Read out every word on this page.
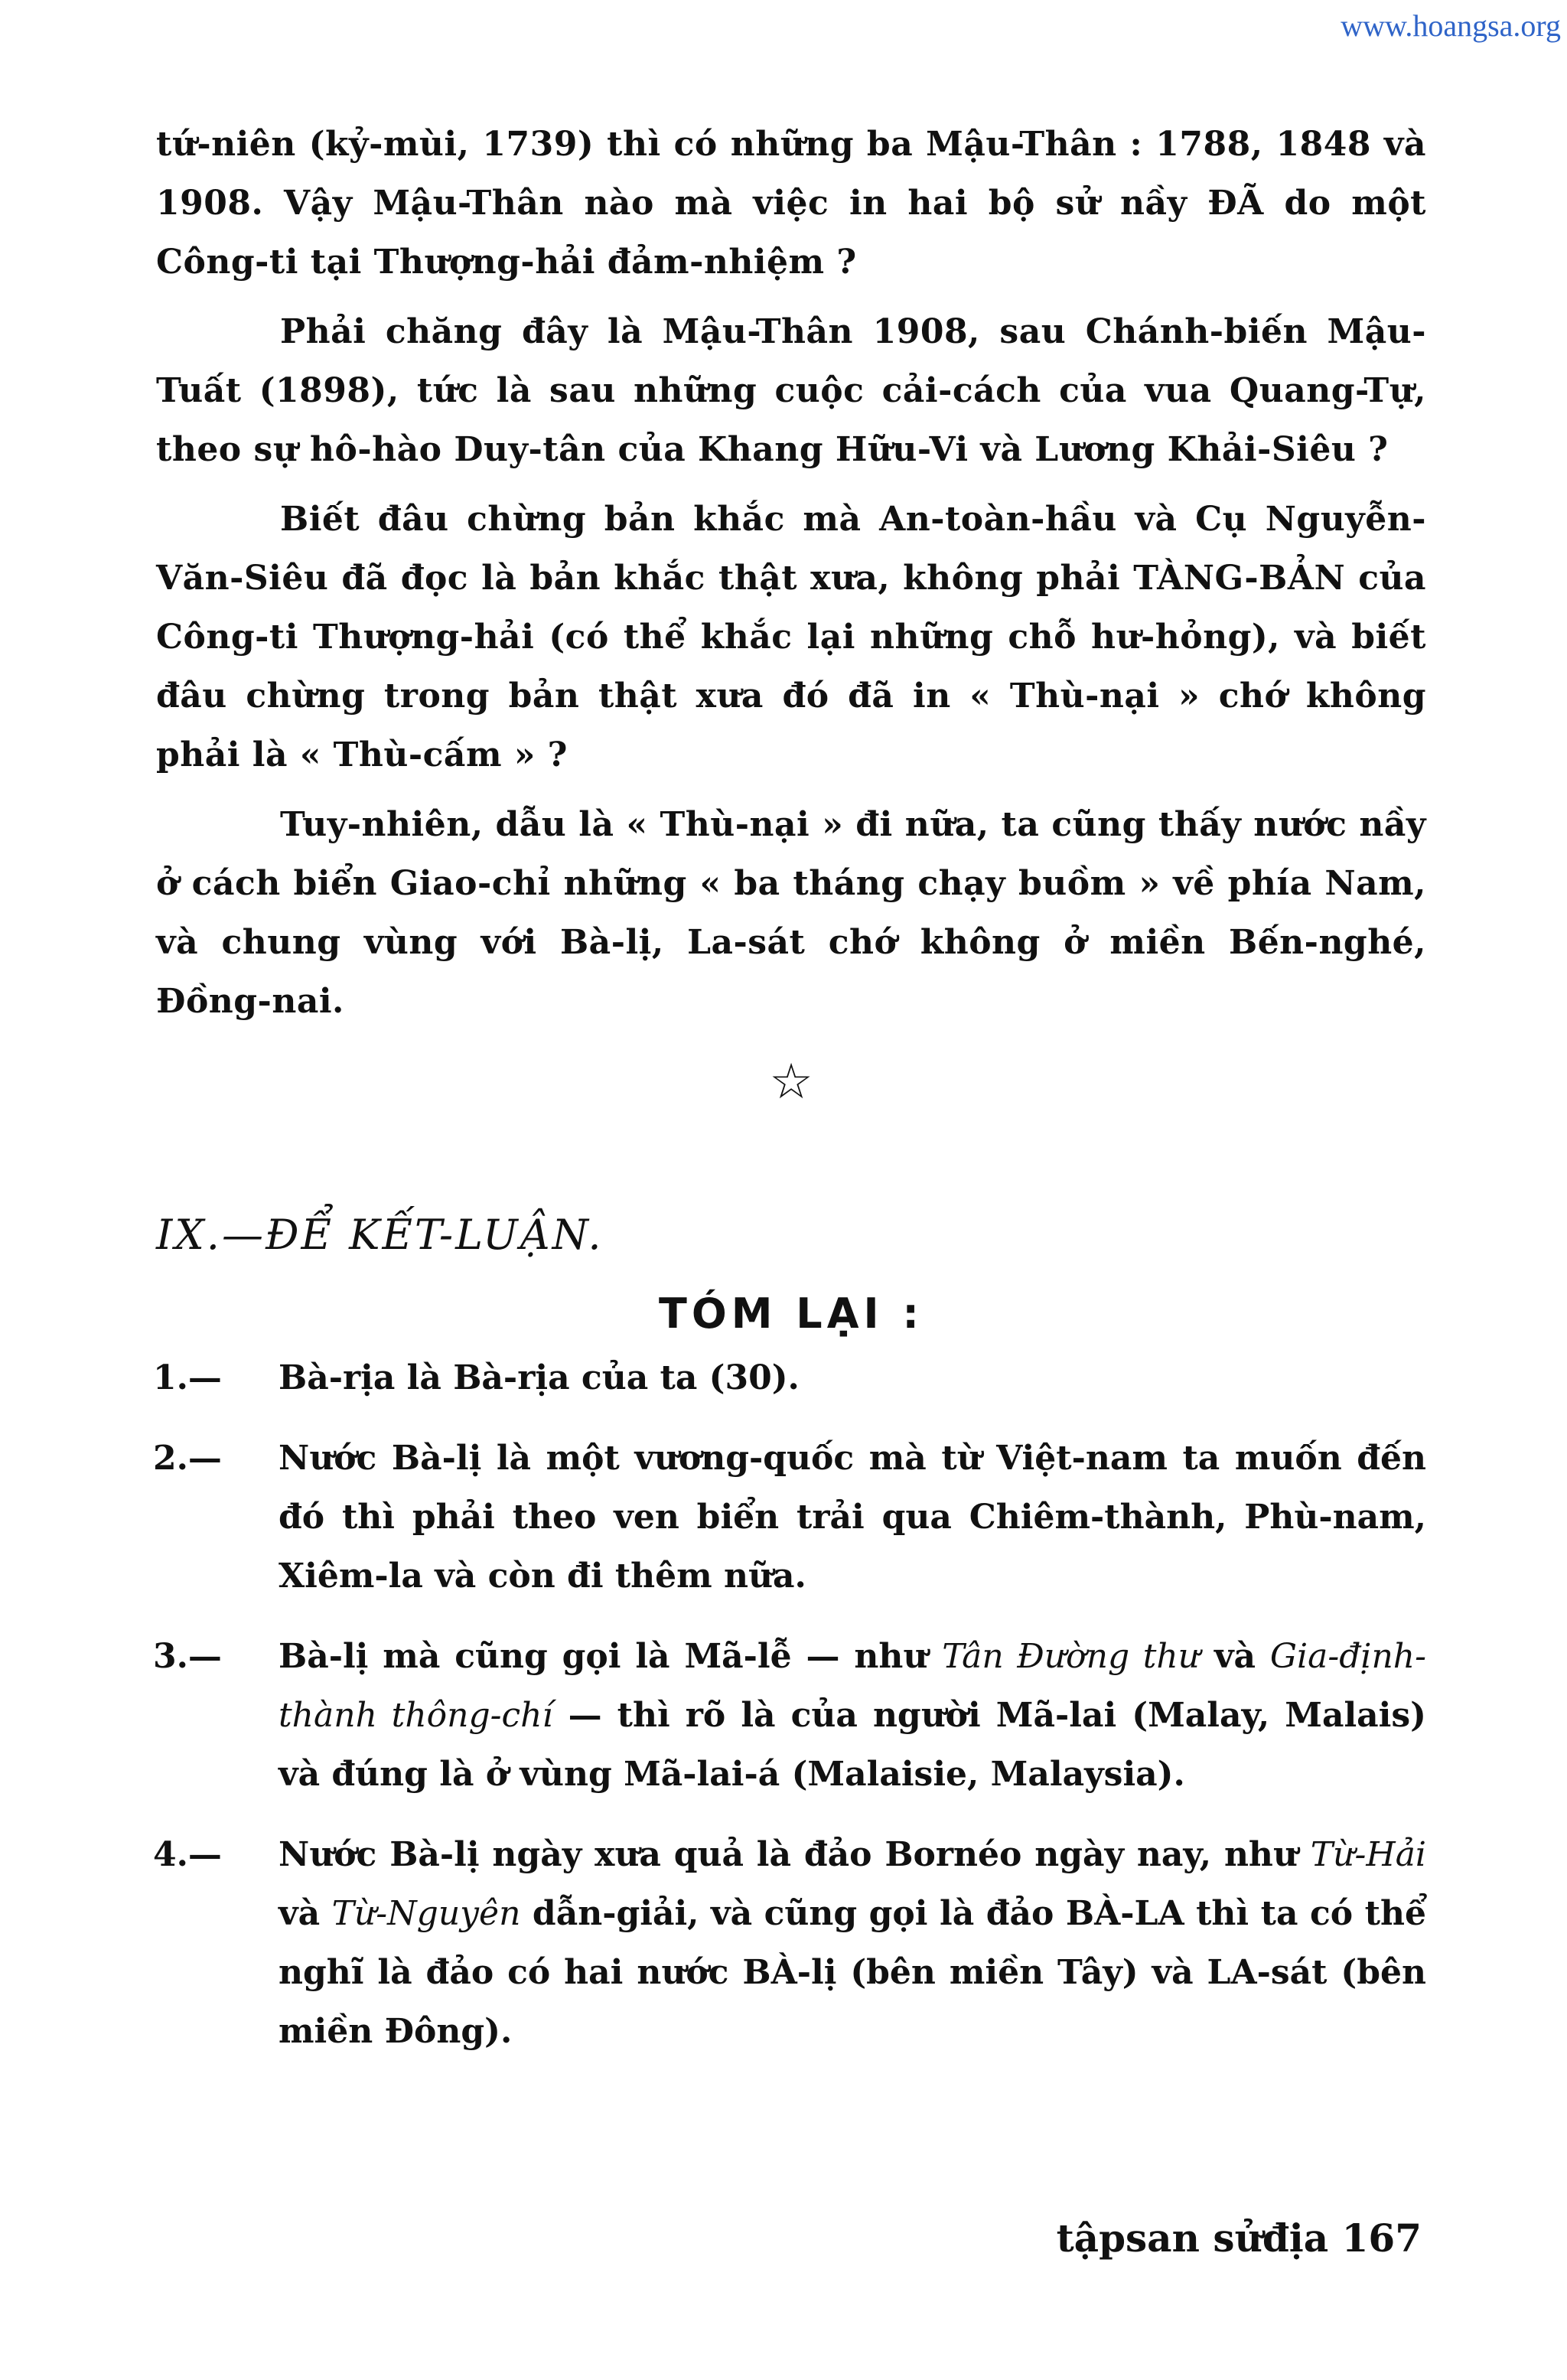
www.hoangsa.org

tứ-niên (kỷ-mùi, 1739) thì có những ba Mậu-Thân : 1788, 1848 và 1908. Vậy Mậu-Thân nào mà việc in hai bộ sử nầy ĐÃ do một Công-ti tại Thượng-hải đảm-nhiệm ?

Phải chăng đây là Mậu-Thân 1908, sau Chánh-biến Mậu-Tuất (1898), tức là sau những cuộc cải-cách của vua Quang-Tự, theo sự hô-hào Duy-tân của Khang Hữu-Vi và Lương Khải-Siêu ?

Biết đâu chừng bản khắc mà An-toàn-hầu và Cụ Nguyễn-Văn-Siêu đã đọc là bản khắc thật xưa, không phải TÀNG-BẢN của Công-ti Thượng-hải (có thể khắc lại những chỗ hư-hỏng), và biết đâu chừng trong bản thật xưa đó đã in « Thù-nại » chớ không phải là « Thù-cấm » ?

Tuy-nhiên, dẫu là « Thù-nại » đi nữa, ta cũng thấy nước nầy ở cách biển Giao-chỉ những « ba tháng chạy buồm » về phía Nam, và chung vùng với Bà-lị, La-sát chớ không ở miền Bến-nghé, Đồng-nai.

☆
IX.—ĐỂ KẾT-LUẬN.
TÓM LẠI :
1.—	Bà-rịa là Bà-rịa của ta (30).
2.—	Nước Bà-lị là một vương-quốc mà từ Việt-nam ta muốn đến đó thì phải theo ven biển trải qua Chiêm-thành, Phù-nam, Xiêm-la và còn đi thêm nữa.
3.—	Bà-lị mà cũng gọi là Mã-lễ — như Tân Đường thư và Gia-định-thành thông-chí — thì rõ là của người Mã-lai (Malay, Malais) và đúng là ở vùng Mã-lai-á (Malaisie, Malaysia).
4.—	Nước Bà-lị ngày xưa quả là đảo Bornéo ngày nay, như Từ-Hải và Từ-Nguyên dẫn-giải, và cũng gọi là đảo BÀ-LA thì ta có thể nghĩ là đảo có hai nước BÀ-lị (bên miền Tây) và LA-sát (bên miền Đông).
tậpsan sửđịa 167
